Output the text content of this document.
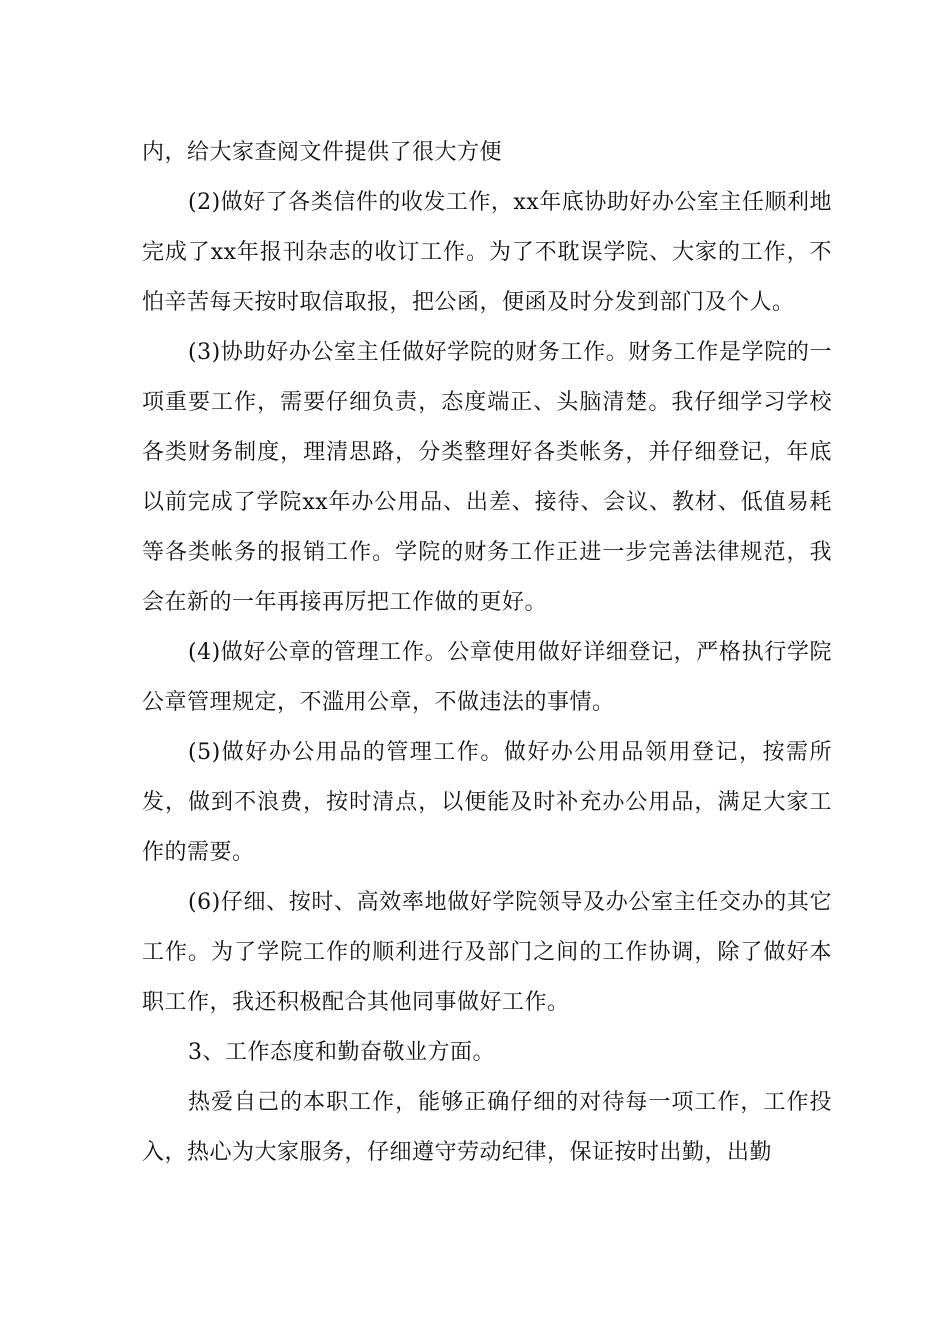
内，给大家查阅文件提供了很大方便

(2)做好了各类信件的收发工作，xx年底协助好办公室主任顺利地完成了xx年报刊杂志的收订工作。为了不耽误学院、大家的工作，不怕辛苦每天按时取信取报，把公函，便函及时分发到部门及个人。

(3)协助好办公室主任做好学院的财务工作。财务工作是学院的一项重要工作，需要仔细负责，态度端正、头脑清楚。我仔细学习学校各类财务制度，理清思路，分类整理好各类帐务，并仔细登记，年底以前完成了学院xx年办公用品、出差、接待、会议、教材、低值易耗等各类帐务的报销工作。学院的财务工作正进一步完善法律规范，我会在新的一年再接再厉把工作做的更好。

(4)做好公章的管理工作。公章使用做好详细登记，严格执行学院公章管理规定，不滥用公章，不做违法的事情。

(5)做好办公用品的管理工作。做好办公用品领用登记，按需所发，做到不浪费，按时清点，以便能及时补充办公用品，满足大家工作的需要。

(6)仔细、按时、高效率地做好学院领导及办公室主任交办的其它工作。为了学院工作的顺利进行及部门之间的工作协调，除了做好本职工作，我还积极配合其他同事做好工作。

3、工作态度和勤奋敬业方面。

热爱自己的本职工作，能够正确仔细的对待每一项工作，工作投入，热心为大家服务，仔细遵守劳动纪律，保证按时出勤，出勤
